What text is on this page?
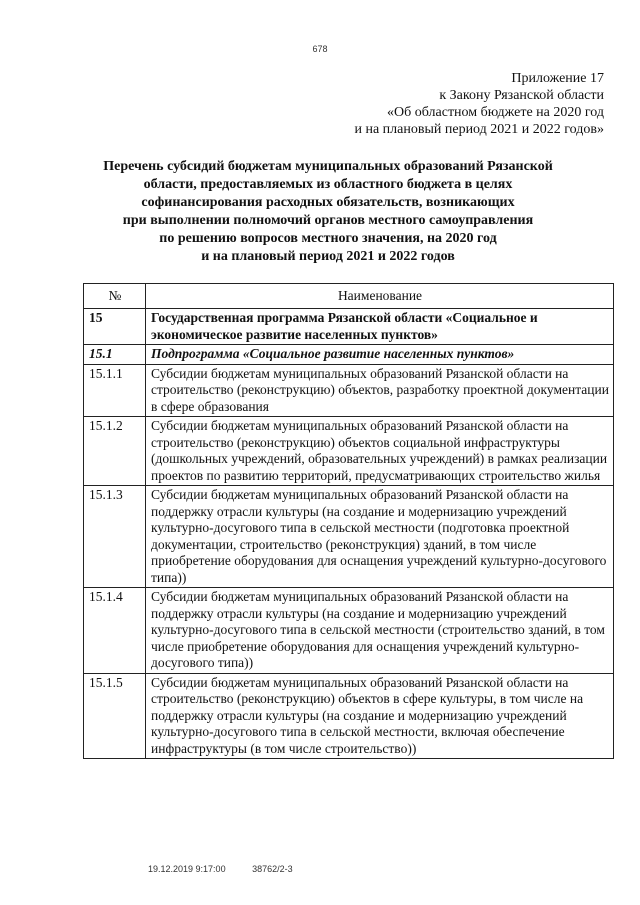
678
Приложение 17
к Закону Рязанской области
«Об областном бюджете на 2020 год
и на плановый период 2021 и 2022 годов»
Перечень субсидий бюджетам муниципальных образований Рязанской
области, предоставляемых из областного бюджета в целях
софинансирования расходных обязательств, возникающих
при выполнении полномочий органов местного самоуправления
по решению вопросов местного значения, на 2020 год
и на плановый период 2021 и 2022 годов
№	Наименование
15	Государственная программа Рязанской области «Социальное и экономическое развитие населенных пунктов»
15.1	Подпрограмма «Социальное развитие населенных пунктов»
15.1.1	Субсидии бюджетам муниципальных образований Рязанской области на строительство (реконструкцию) объектов, разработку проектной документации в сфере образования
15.1.2	Субсидии бюджетам муниципальных образований Рязанской области на строительство (реконструкцию) объектов социальной инфраструктуры (дошкольных учреждений, образовательных учреждений) в рамках реализации проектов по развитию территорий, предусматривающих строительство жилья
15.1.3	Субсидии бюджетам муниципальных образований Рязанской области на поддержку отрасли культуры (на создание и модернизацию учреждений культурно-досугового типа в сельской местности (подготовка проектной документации, строительство (реконструкция) зданий, в том числе приобретение оборудования для оснащения учреждений культурно-досугового типа))
15.1.4	Субсидии бюджетам муниципальных образований Рязанской области на поддержку отрасли культуры (на создание и модернизацию учреждений культурно-досугового типа в сельской местности (строительство зданий, в том числе приобретение оборудования для оснащения учреждений культурно-досугового типа))
15.1.5	Субсидии бюджетам муниципальных образований Рязанской области на строительство (реконструкцию) объектов в сфере культуры, в том числе на поддержку отрасли культуры (на создание и модернизацию учреждений культурно-досугового типа в сельской местности, включая обеспечение инфраструктуры (в том числе строительство))
19.12.2019 9:17:00	38762/2-3
